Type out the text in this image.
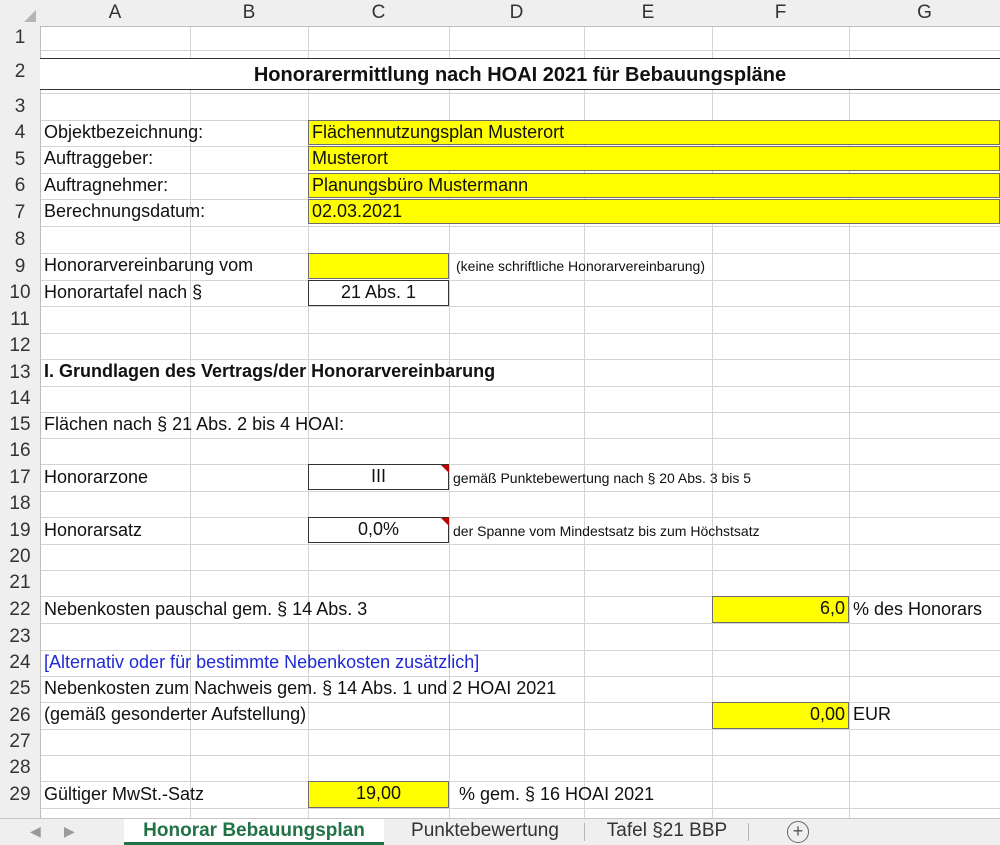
A	B	C	D	E	F	G
1
2
3
4
5
6
7
8
9
10
11
12
13
14
15
16
17
18
19
20
21
22
23
24
25
26
27
28
29
Honorarermittlung nach HOAI 2021 für Bebauungspläne
Objektbezeichnung:	Flächennutzungsplan Musterort
Auftraggeber:	Musterort
Auftragnehmer:	Planungsbüro Mustermann
Berechnungsdatum:	02.03.2021
Honorarvereinbarung vom	(keine schriftliche Honorarvereinbarung)
Honorartafel nach §	21 Abs. 1
I. Grundlagen des Vertrags/der Honorarvereinbarung
Flächen nach § 21 Abs. 2 bis 4 HOAI:
Honorarzone	III	gemäß Punktebewertung nach § 20 Abs. 3 bis 5
Honorarsatz	0,0%	der Spanne vom Mindestsatz bis zum Höchstsatz
Nebenkosten pauschal gem. § 14 Abs. 3	6,0 % des Honorars
[Alternativ oder für bestimmte Nebenkosten zusätzlich]
Nebenkosten zum Nachweis gem. § 14 Abs. 1 und 2 HOAI 2021
(gemäß gesonderter Aufstellung)	0,00 EUR
Gültiger MwSt.-Satz	19,00	% gem. § 16 HOAI 2021
◀ ▶	Honorar Bebauungsplan	Punktebewertung	Tafel §21 BBP	+
